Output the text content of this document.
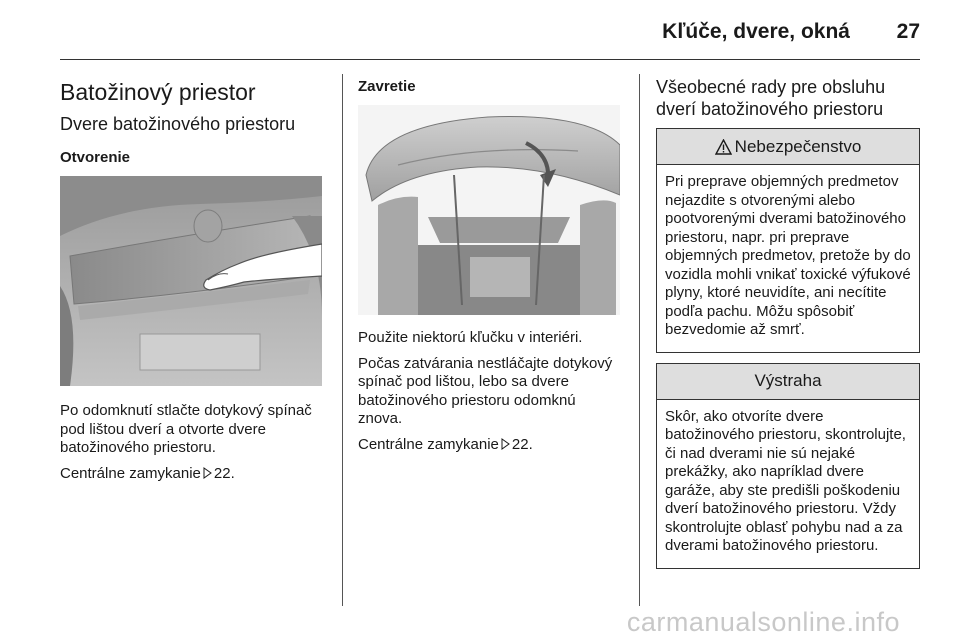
Kľúče, dvere, okná 27
Batožinový priestor
Dvere batožinového priestoru
Otvorenie

Po odomknutí stlačte dotykový spínač pod lištou dverí a otvorte dvere batožinového priestoru.

Centrálne zamykanie 22.

Zavretie

Použite niektorú kľučku v interiéri.

Počas zatvárania nestláčajte dotykový spínač pod lištou, lebo sa dvere batožinového priestoru odomknú znova.

Centrálne zamykanie 22.

Všeobecné rady pre obsluhu dverí batožinového priestoru
Nebezpečenstvo

Pri preprave objemných predmetov nejazdite s otvorenými alebo pootvorenými dverami batožinového priestoru, napr. pri preprave objemných predmetov, pretože by do vozidla mohli vnikať toxické výfukové plyny, ktoré neuvidíte, ani necítite podľa pachu. Môžu spôsobiť bezvedomie až smrť.

Výstraha

Skôr, ako otvoríte dvere batožinového priestoru, skontrolujte, či nad dverami nie sú nejaké prekážky, ako napríklad dvere garáže, aby ste predišli poškodeniu dverí batožinového priestoru. Vždy skontrolujte oblasť pohybu nad a za dverami batožinového priestoru.

carmanualsonline.info
